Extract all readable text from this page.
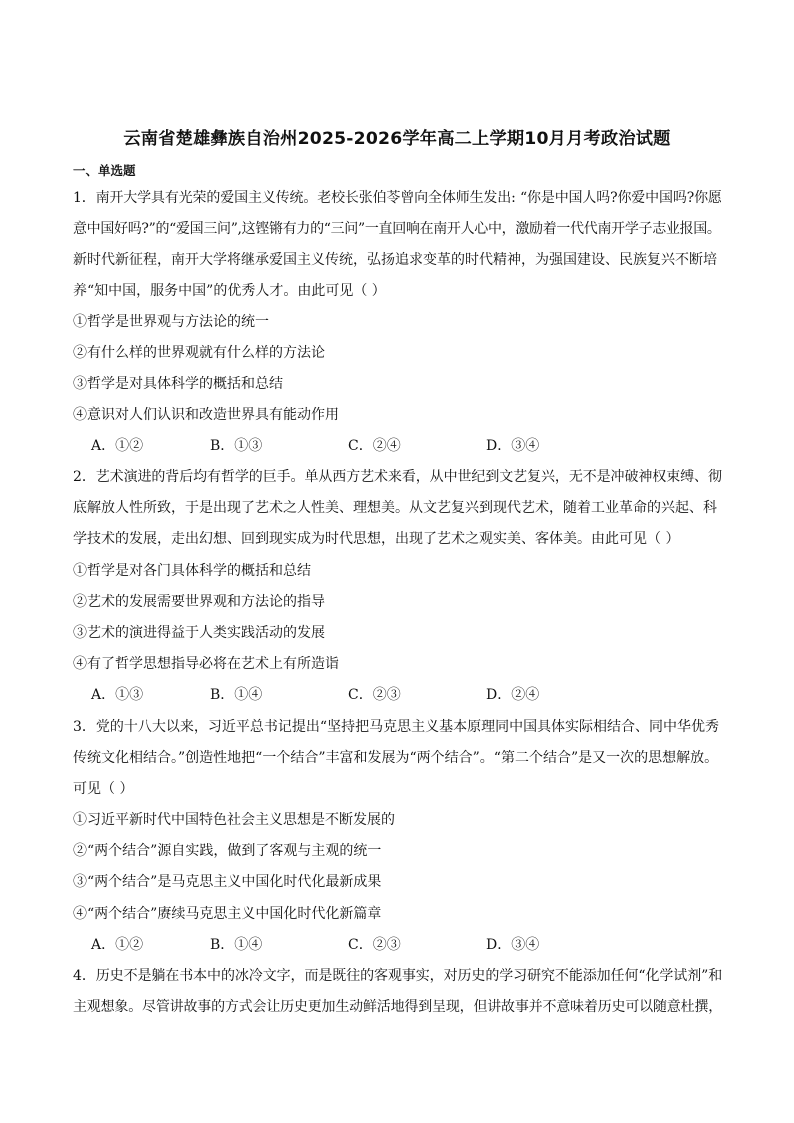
云南省楚雄彝族自治州2025-2026学年高二上学期10月月考政治试题
一、单选题
1．南开大学具有光荣的爱国主义传统。老校长张伯苓曾向全体师生发出: “你是中国人吗?你爱中国吗?你愿
意中国好吗?”的“爱国三问”,这铿锵有力的“三问”一直回响在南开人心中，激励着一代代南开学子志业报国。
新时代新征程，南开大学将继承爱国主义传统，弘扬追求变革的时代精神，为强国建设、民族复兴不断培
养“知中国，服务中国”的优秀人才。由此可见（ ）
①哲学是世界观与方法论的统一
②有什么样的世界观就有什么样的方法论
③哲学是对具体科学的概括和总结
④意识对人们认识和改造世界具有能动作用
A．①②	B．①③	C．②④	D．③④
2．艺术演进的背后均有哲学的巨手。单从西方艺术来看，从中世纪到文艺复兴，无不是冲破神权束缚、彻
底解放人性所致，于是出现了艺术之人性美、理想美。从文艺复兴到现代艺术，随着工业革命的兴起、科
学技术的发展，走出幻想、回到现实成为时代思想，出现了艺术之观实美、客体美。由此可见（ ）
①哲学是对各门具体科学的概括和总结
②艺术的发展需要世界观和方法论的指导
③艺术的演进得益于人类实践活动的发展
④有了哲学思想指导必将在艺术上有所造诣
A．①③	B．①④	C．②③	D．②④
3．党的十八大以来，习近平总书记提出“坚持把马克思主义基本原理同中国具体实际相结合、同中华优秀
传统文化相结合。”创造性地把“一个结合”丰富和发展为“两个结合”。“第二个结合”是又一次的思想解放。
可见（ ）
①习近平新时代中国特色社会主义思想是不断发展的
②“两个结合”源自实践，做到了客观与主观的统一
③“两个结合”是马克思主义中国化时代化最新成果
④“两个结合”赓续马克思主义中国化时代化新篇章
A．①②	B．①④	C．②③	D．③④
4．历史不是躺在书本中的冰冷文字，而是既往的客观事实，对历史的学习研究不能添加任何“化学试剂”和
主观想象。尽管讲故事的方式会让历史更加生动鲜活地得到呈现，但讲故事并不意味着历史可以随意杜撰，
